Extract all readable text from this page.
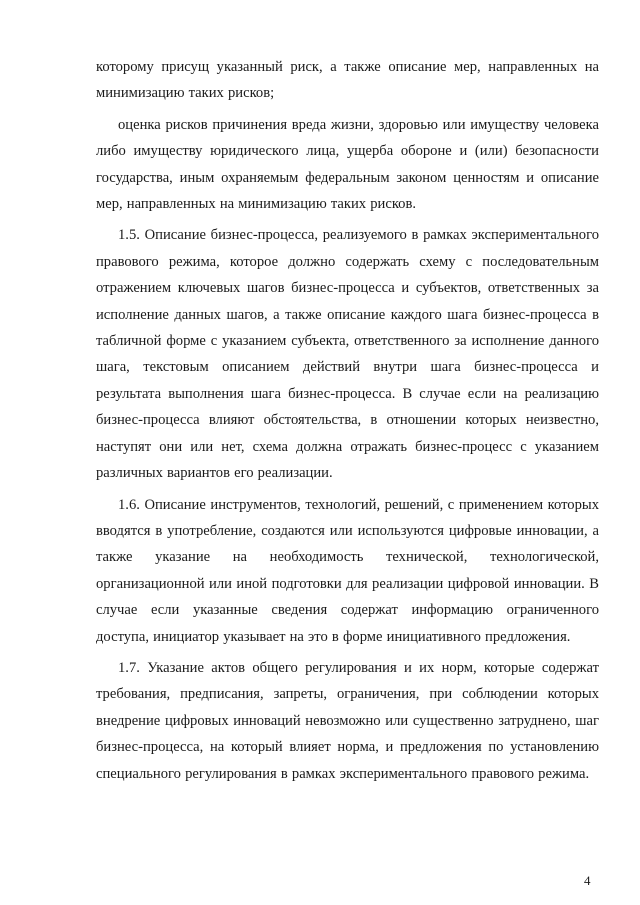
которому присущ указанный риск, а также описание мер, направленных на минимизацию таких рисков;

оценка рисков причинения вреда жизни, здоровью или имуществу человека либо имуществу юридического лица, ущерба обороне и (или) безопасности государства, иным охраняемым федеральным законом ценностям и описание мер, направленных на минимизацию таких рисков.

1.5. Описание бизнес-процесса, реализуемого в рамках экспериментального правового режима, которое должно содержать схему с последовательным отражением ключевых шагов бизнес-процесса и субъектов, ответственных за исполнение данных шагов, а также описание каждого шага бизнес-процесса в табличной форме с указанием субъекта, ответственного за исполнение данного шага, текстовым описанием действий внутри шага бизнес-процесса и результата выполнения шага бизнес-процесса. В случае если на реализацию бизнес-процесса влияют обстоятельства, в отношении которых неизвестно, наступят они или нет, схема должна отражать бизнес-процесс с указанием различных вариантов его реализации.

1.6. Описание инструментов, технологий, решений, с применением которых вводятся в употребление, создаются или используются цифровые инновации, а также указание на необходимость технической, технологической, организационной или иной подготовки для реализации цифровой инновации. В случае если указанные сведения содержат информацию ограниченного доступа, инициатор указывает на это в форме инициативного предложения.

1.7. Указание актов общего регулирования и их норм, которые содержат требования, предписания, запреты, ограничения, при соблюдении которых внедрение цифровых инноваций невозможно или существенно затруднено, шаг бизнес-процесса, на который влияет норма, и предложения по установлению специального регулирования в рамках экспериментального правового режима.

4
